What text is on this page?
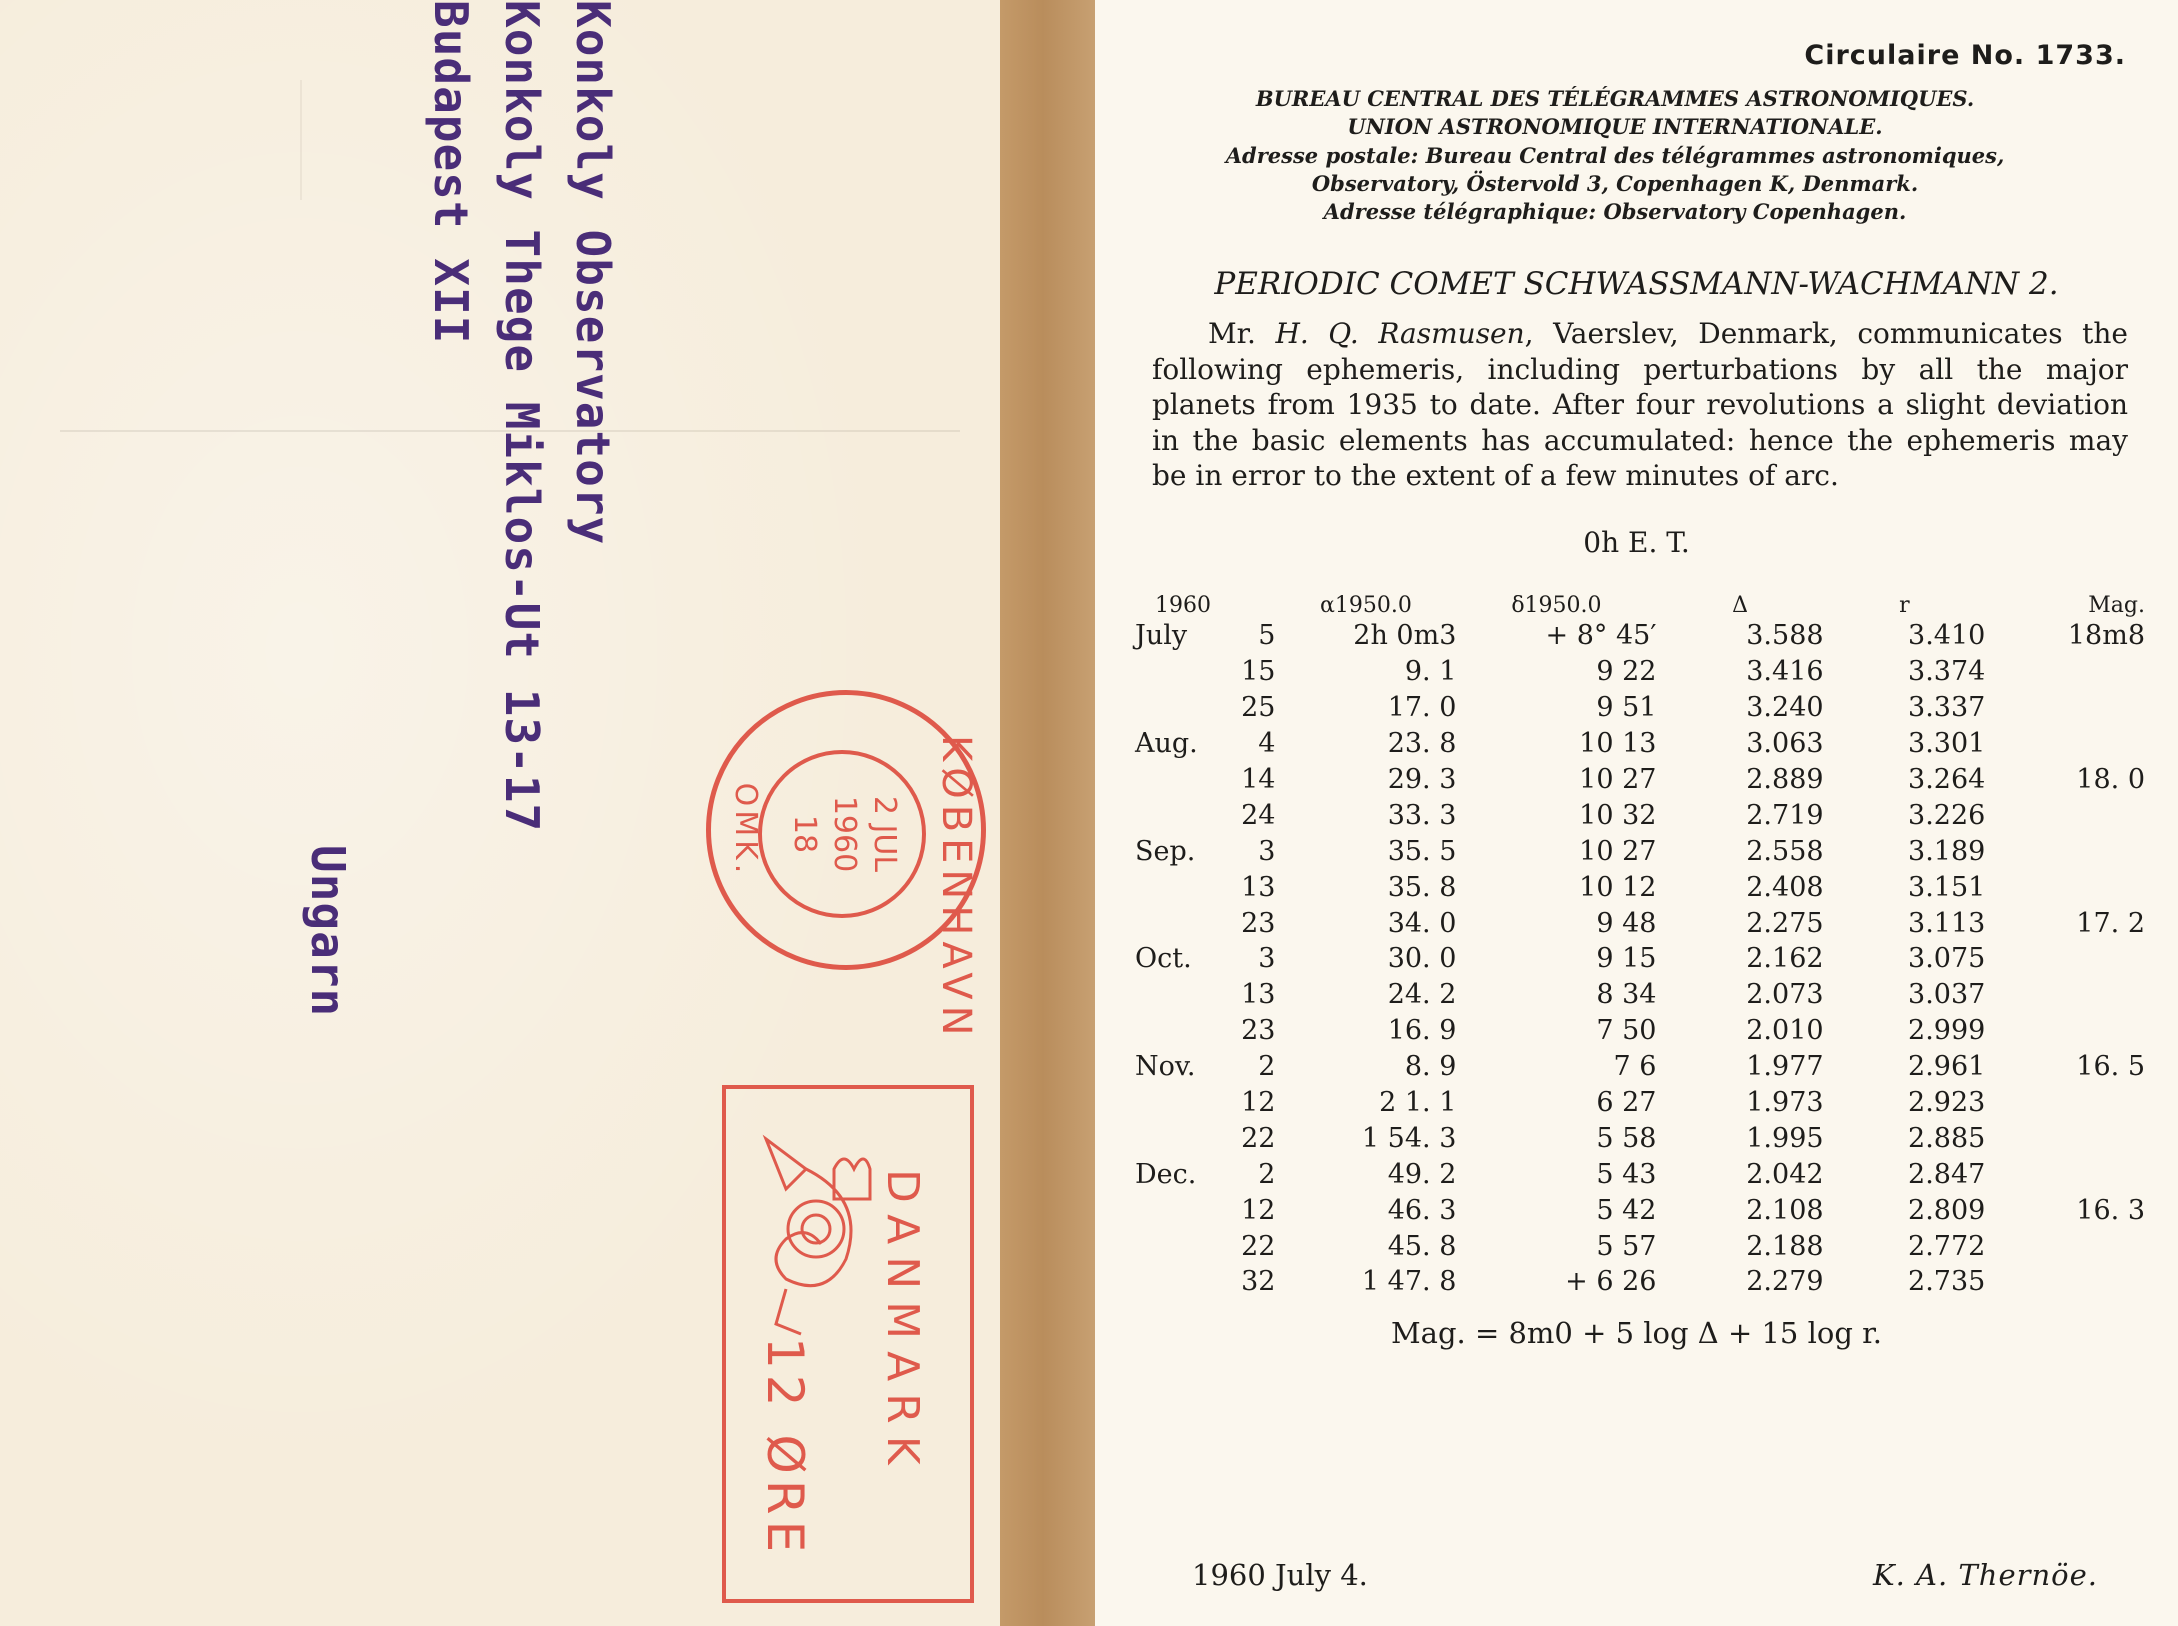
Konkoly Observatory
Konkoly Thege Miklos-Ut 13-17
Budapest XII
Ungarn	KØBENHAVN
2 JUL
1960
18
OMK.
DANMARK
12 ØRE
Circulaire No. 1733.
BUREAU CENTRAL DES TÉLÉGRAMMES ASTRONOMIQUES.
UNION ASTRONOMIQUE INTERNATIONALE.
Adresse postale: Bureau Central des télégrammes astronomiques,
Observatory, Östervold 3, Copenhagen K, Denmark.
Adresse télégraphique: Observatory Copenhagen.
PERIODIC COMET SCHWASSMANN-WACHMANN 2.
Mr. H. Q. Rasmusen, Vaerslev, Denmark, communicates the following ephemeris, including perturbations by all the major planets from 1935 to date. After four revolutions a slight deviation in the basic elements has accumulated: hence the ephemeris may be in error to the extent of a few minutes of arc.
0h E. T.
1960		α1950.0	δ1950.0	Δ	r	Mag.
July	5	2h 0m3	+ 8° 45′	3.588	3.410	18m8
	15	9. 1	9 22	3.416	3.374	
	25	17. 0	9 51	3.240	3.337	
Aug.	4	23. 8	10 13	3.063	3.301	
	14	29. 3	10 27	2.889	3.264	18. 0
	24	33. 3	10 32	2.719	3.226	
Sep.	3	35. 5	10 27	2.558	3.189	
	13	35. 8	10 12	2.408	3.151	
	23	34. 0	9 48	2.275	3.113	17. 2
Oct.	3	30. 0	9 15	2.162	3.075	
	13	24. 2	8 34	2.073	3.037	
	23	16. 9	7 50	2.010	2.999	
Nov.	2	8. 9	7 6	1.977	2.961	16. 5
	12	2 1. 1	6 27	1.973	2.923	
	22	1 54. 3	5 58	1.995	2.885	
Dec.	2	49. 2	5 43	2.042	2.847	
	12	46. 3	5 42	2.108	2.809	16. 3
	22	45. 8	5 57	2.188	2.772	
	32	1 47. 8	+ 6 26	2.279	2.735	
Mag. = 8m0 + 5 log Δ + 15 log r.
1960 July 4.	K. A. Thernöe.
